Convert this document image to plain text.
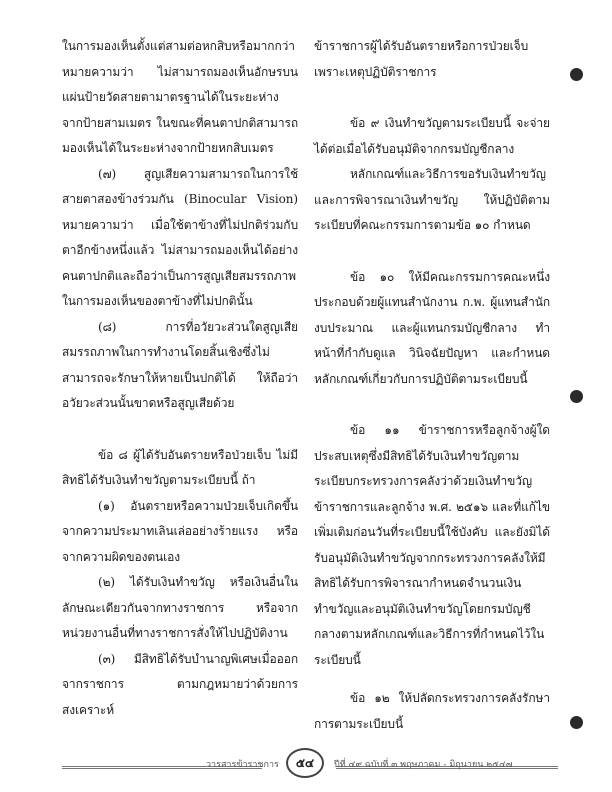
ในการมองเห็นตั้งแต่สามต่อหกสิบหรือมากกว่า หมายความว่า ไม่สามารถมองเห็นอักษรบนแผ่นป้ายวัดสายตามาตรฐานได้ในระยะห่างจากป้ายสามเมตร ในขณะที่คนตาปกติสามารถมองเห็นได้ในระยะห่างจากป้ายหกสิบเมตร

(๗) สูญเสียความสามารถในการใช้สายตาสองข้างร่วมกัน (Binocular Vision) หมายความว่า เมื่อใช้ตาข้างที่ไม่ปกติร่วมกับตาอีกข้างหนึ่งแล้ว ไม่สามารถมองเห็นได้อย่างคนตาปกติและถือว่าเป็นการสูญเสียสมรรถภาพในการมองเห็นของตาข้างที่ไม่ปกตินั้น

(๘) การที่อวัยวะส่วนใดสูญเสียสมรรถภาพในการทำงานโดยสิ้นเชิงซึ่งไม่สามารถจะรักษาให้หายเป็นปกติได้ ให้ถือว่าอวัยวะส่วนนั้นขาดหรือสูญเสียด้วย

ข้อ ๘ ผู้ได้รับอันตรายหรือป่วยเจ็บ ไม่มีสิทธิได้รับเงินทำขวัญตามระเบียบนี้ ถ้า

(๑) อันตรายหรือความป่วยเจ็บเกิดขึ้นจากความประมาทเลินเล่ออย่างร้ายแรง หรือจากความผิดของตนเอง

(๒) ได้รับเงินทำขวัญ หรือเงินอื่นในลักษณะเดียวกันจากทางราชการ หรือจากหน่วยงานอื่นที่ทางราชการสั่งให้ไปปฏิบัติงาน

(๓) มีสิทธิได้รับบำนาญพิเศษเมื่อออกจากราชการ ตามกฎหมายว่าด้วยการสงเคราะห์

ข้าราชการผู้ได้รับอันตรายหรือการป่วยเจ็บเพราะเหตุปฏิบัติราชการ

ข้อ ๙ เงินทำขวัญตามระเบียบนี้ จะจ่ายได้ต่อเมื่อได้รับอนุมัติจากกรมบัญชีกลาง

หลักเกณฑ์และวิธีการขอรับเงินทำขวัญและการพิจารณาเงินทำขวัญ ให้ปฏิบัติตามระเบียบที่คณะกรรมการตามข้อ ๑๐ กำหนด

ข้อ ๑๐ ให้มีคณะกรรมการคณะหนึ่งประกอบด้วยผู้แทนสำนักงาน ก.พ. ผู้แทนสำนักงบประมาณ และผู้แทนกรมบัญชีกลาง ทำหน้าที่กำกับดูแล วินิจฉัยปัญหา และกำหนดหลักเกณฑ์เกี่ยวกับการปฏิบัติตามระเบียบนี้

ข้อ ๑๑ ข้าราชการหรือลูกจ้างผู้ใดประสบเหตุซึ่งมีสิทธิได้รับเงินทำขวัญตามระเบียบกระทรวงการคลังว่าด้วยเงินทำขวัญข้าราชการและลูกจ้าง พ.ศ. ๒๕๑๖ และที่แก้ไขเพิ่มเติมก่อนวันที่ระเบียบนี้ใช้บังคับ และยังมิได้รับอนุมัติเงินทำขวัญจากกระทรวงการคลังให้มีสิทธิได้รับการพิจารณากำหนดจำนวนเงินทำขวัญและอนุมัติเงินทำขวัญโดยกรมบัญชีกลางตามหลักเกณฑ์และวิธีการที่กำหนดไว้ในระเบียบนี้

ข้อ ๑๒ ให้ปลัดกระทรวงการคลังรักษาการตามระเบียบนี้

วารสารข้าราชการ	๕๔	ปีที่ ๔๙ ฉบับที่ ๓ พฤษภาคม - มิถุนายน ๒๕๔๗
